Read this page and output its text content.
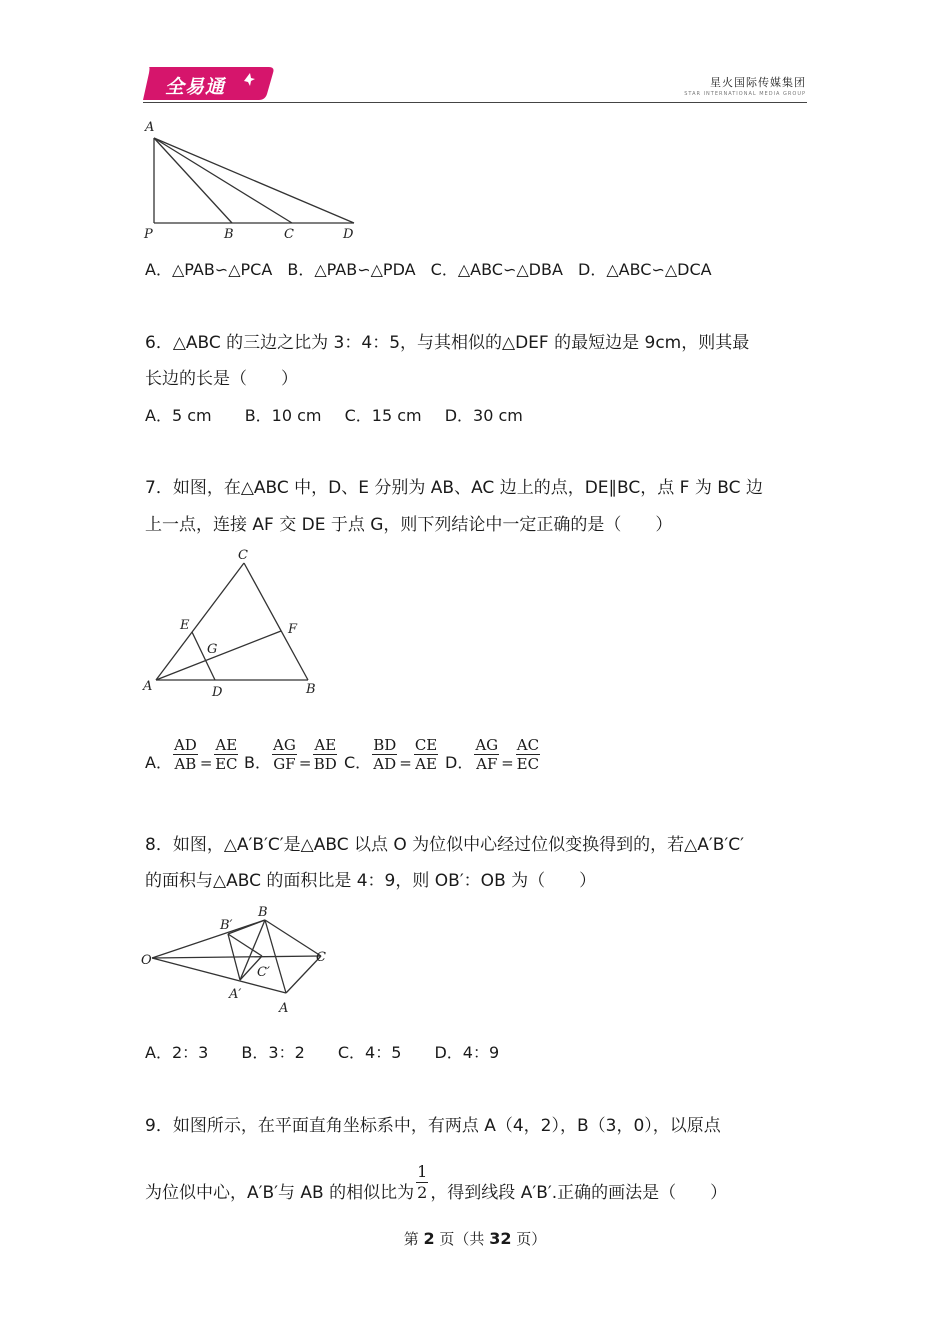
全易通	星火国际传媒集团
STAR INTERNATIONAL MEDIA GROUP
A
P	B	C	D
A．△PAB∽△PCA B．△PAB∽△PDA C．△ABC∽△DBA D．△ABC∽△DCA
6．△ABC 的三边之比为 3：4：5，与其相似的△DEF 的最短边是 9cm，则其最
长边的长是（　　）
A．5 cm B．10 cm C．15 cm D．30 cm
7．如图，在△ABC 中，D、E 分别为 AB、AC 边上的点，DE∥BC，点 F 为 BC 边
上一点，连接 AF 交 DE 于点 G，则下列结论中一定正确的是（　　）
C
E	F
G
A	D	B
A． $\frac{AD}{AB} = \frac{AE}{EC}$ B． $\frac{AG}{GF} = \frac{AE}{BD}$ C． $\frac{BD}{AD} = \frac{CE}{AE}$ D． $\frac{AG}{AF} = \frac{AC}{EC}$
8．如图，△A′B′C′是△ABC 以点 O 为位似中心经过位似变换得到的，若△A′B′C′
的面积与△ABC 的面积比是 4：9，则 OB′：OB 为（　　）
B′
B
O
C′
C
A′
A
A．2：3 B．3：2 C．4：5 D．4：9
9．如图所示，在平面直角坐标系中，有两点 A（4，2），B（3，0），以原点
为位似中心，A′B′与 AB 的相似比为 $\frac{1}{2}$ ，得到线段 A′B′.正确的画法是（　　）
第 2 页（共 32 页）
